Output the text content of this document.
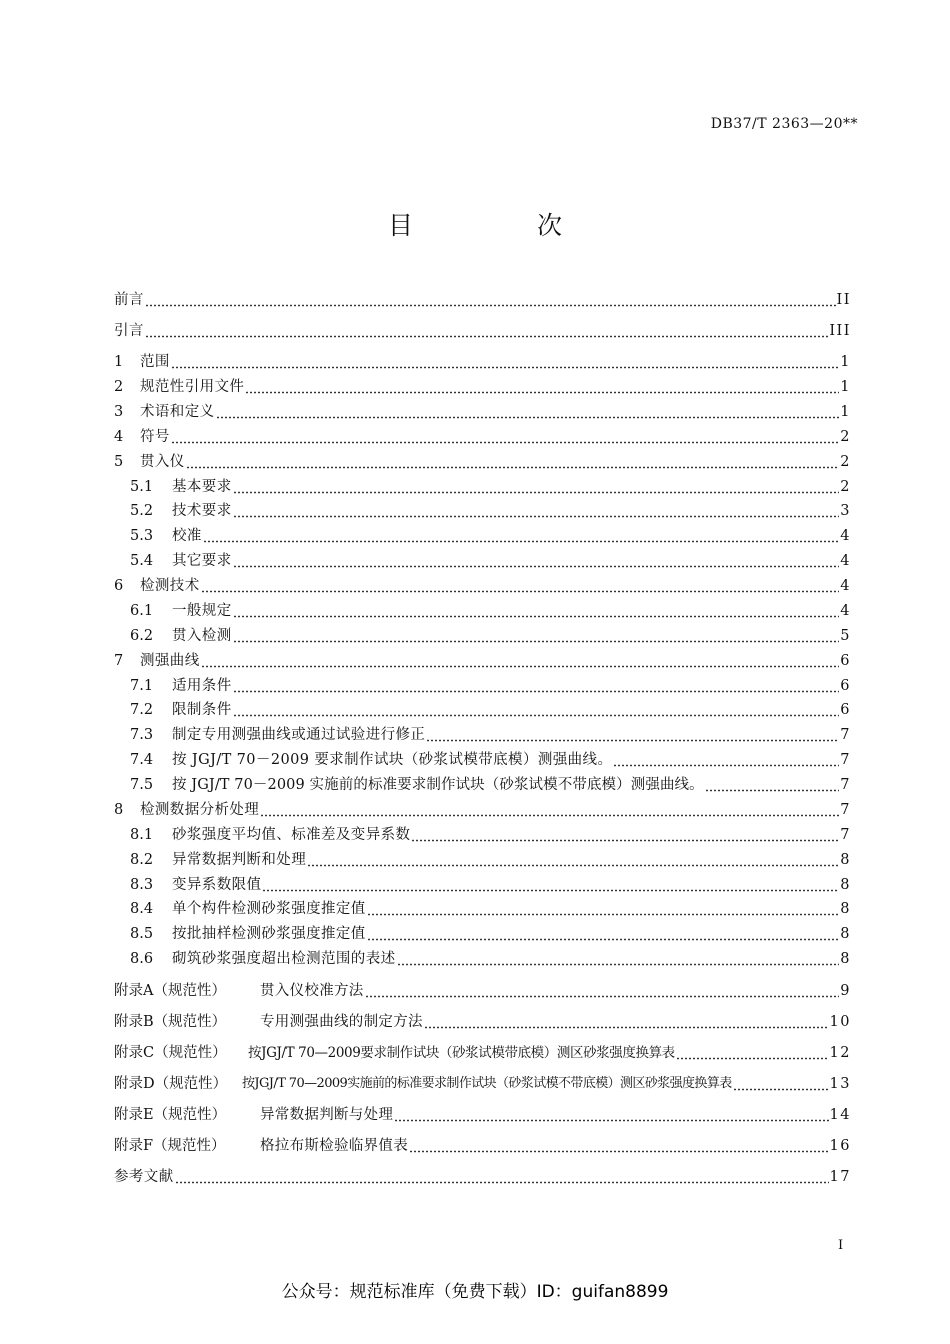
DB37/T 2363—20**
目 次
前言	II
引言	III
1	范围	1
2	规范性引用文件	1
3	术语和定义	1
4	符号	2
5	贯入仪	2
5.1	基本要求	2
5.2	技术要求	3
5.3	校准	4
5.4	其它要求	4
6	检测技术	4
6.1	一般规定	4
6.2	贯入检测	5
7	测强曲线	6
7.1	适用条件	6
7.2	限制条件	6
7.3	制定专用测强曲线或通过试验进行修正	7
7.4	按 JGJ/T 70－2009 要求制作试块（砂浆试模带底模）测强曲线。	7
7.5	按 JGJ/T 70－2009 实施前的标准要求制作试块（砂浆试模不带底模）测强曲线。	7
8	检测数据分析处理	7
8.1	砂浆强度平均值、标准差及变异系数	7
8.2	异常数据判断和处理	8
8.3	变异系数限值	8
8.4	单个构件检测砂浆强度推定值	8
8.5	按批抽样检测砂浆强度推定值	8
8.6	砌筑砂浆强度超出检测范围的表述	8
附录A（规范性）	贯入仪校准方法	9
附录B（规范性）	专用测强曲线的制定方法	10
附录C（规范性）	按JGJ/T 70—2009要求制作试块（砂浆试模带底模）测区砂浆强度换算表	12
附录D（规范性）	按JGJ/T 70—2009实施前的标准要求制作试块（砂浆试模不带底模）测区砂浆强度换算表	13
附录E（规范性）	异常数据判断与处理	14
附录F（规范性）	格拉布斯检验临界值表	16
参考文献	17
I
公众号：规范标准库（免费下载）ID：guifan8899
